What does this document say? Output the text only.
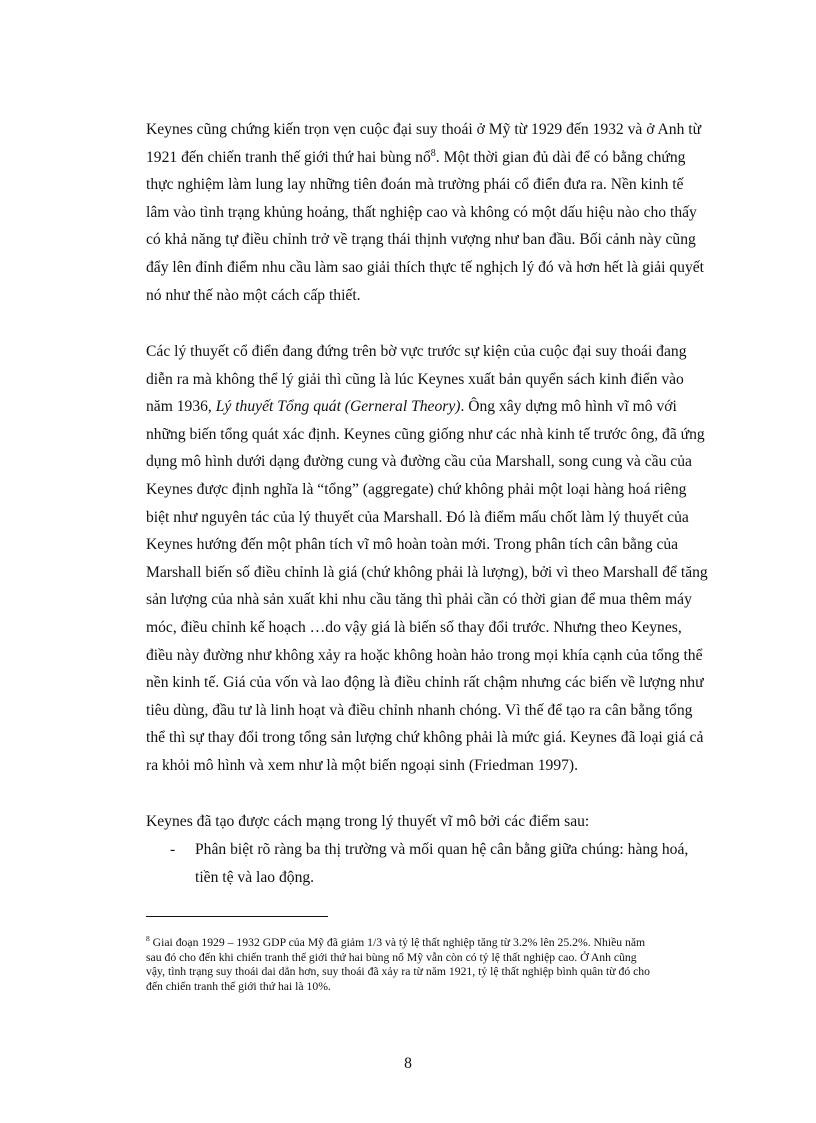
Keynes cũng chứng kiến trọn vẹn cuộc đại suy thoái ở Mỹ từ 1929 đến 1932 và ở Anh từ
1921 đến chiến tranh thế giới thứ hai bùng nổ$^8$. Một thời gian đủ dài để có bằng chứng
thực nghiệm làm lung lay những tiên đoán mà trường phái cổ điển đưa ra. Nền kinh tế
lâm vào tình trạng khủng hoảng, thất nghiệp cao và không có một dấu hiệu nào cho thấy
có khả năng tự điều chỉnh trở về trạng thái thịnh vượng như ban đầu. Bối cảnh này cũng
đẩy lên đỉnh điểm nhu cầu làm sao giải thích thực tế nghịch lý đó và hơn hết là giải quyết
nó như thế nào một cách cấp thiết.

Các lý thuyết cổ điển đang đứng trên bờ vực trước sự kiện của cuộc đại suy thoái đang
diễn ra mà không thể lý giải thì cũng là lúc Keynes xuất bản quyển sách kinh điển vào
năm 1936, Lý thuyết Tổng quát (Gerneral Theory). Ông xây dựng mô hình vĩ mô với
những biến tổng quát xác định. Keynes cũng giống như các nhà kinh tế trước ông, đã ứng
dụng mô hình dưới dạng đường cung và đường cầu của Marshall, song cung và cầu của
Keynes được định nghĩa là “tổng” (aggregate) chứ không phải một loại hàng hoá riêng
biệt như nguyên tác của lý thuyết của Marshall. Đó là điểm mấu chốt làm lý thuyết của
Keynes hướng đến một phân tích vĩ mô hoàn toàn mới. Trong phân tích cân bằng của
Marshall biến số điều chỉnh là giá (chứ không phải là lượng), bởi vì theo Marshall để tăng
sản lượng của nhà sản xuất khi nhu cầu tăng thì phải cần có thời gian để mua thêm máy
móc, điều chỉnh kế hoạch …do vậy giá là biến số thay đổi trước. Nhưng theo Keynes,
điều này đường như không xảy ra hoặc không hoàn hảo trong mọi khía cạnh của tổng thể
nền kinh tế. Giá của vốn và lao động là điều chỉnh rất chậm nhưng các biến về lượng như
tiêu dùng, đầu tư là linh hoạt và điều chỉnh nhanh chóng. Vì thế để tạo ra cân bằng tổng
thể thì sự thay đổi trong tổng sản lượng chứ không phải là mức giá. Keynes đã loại giá cả
ra khỏi mô hình và xem như là một biến ngoại sinh (Friedman 1997).

Keynes đã tạo được cách mạng trong lý thuyết vĩ mô bởi các điểm sau:

- Phân biệt rõ ràng ba thị trường và mối quan hệ cân bằng giữa chúng: hàng hoá,
tiền tệ và lao động.

$^8$ Giai đoạn 1929 – 1932 GDP của Mỹ đã giảm 1/3 và tỷ lệ thất nghiệp tăng từ 3.2% lên 25.2%. Nhiều năm
sau đó cho đến khi chiến tranh thế giới thứ hai bùng nổ Mỹ vẫn còn có tỷ lệ thất nghiệp cao. Ở Anh cũng
vậy, tình trạng suy thoái dai dẳn hơn, suy thoái đã xảy ra từ năm 1921, tỷ lệ thất nghiệp bình quân từ đó cho
đến chiến tranh thế giới thứ hai là 10%.

8
